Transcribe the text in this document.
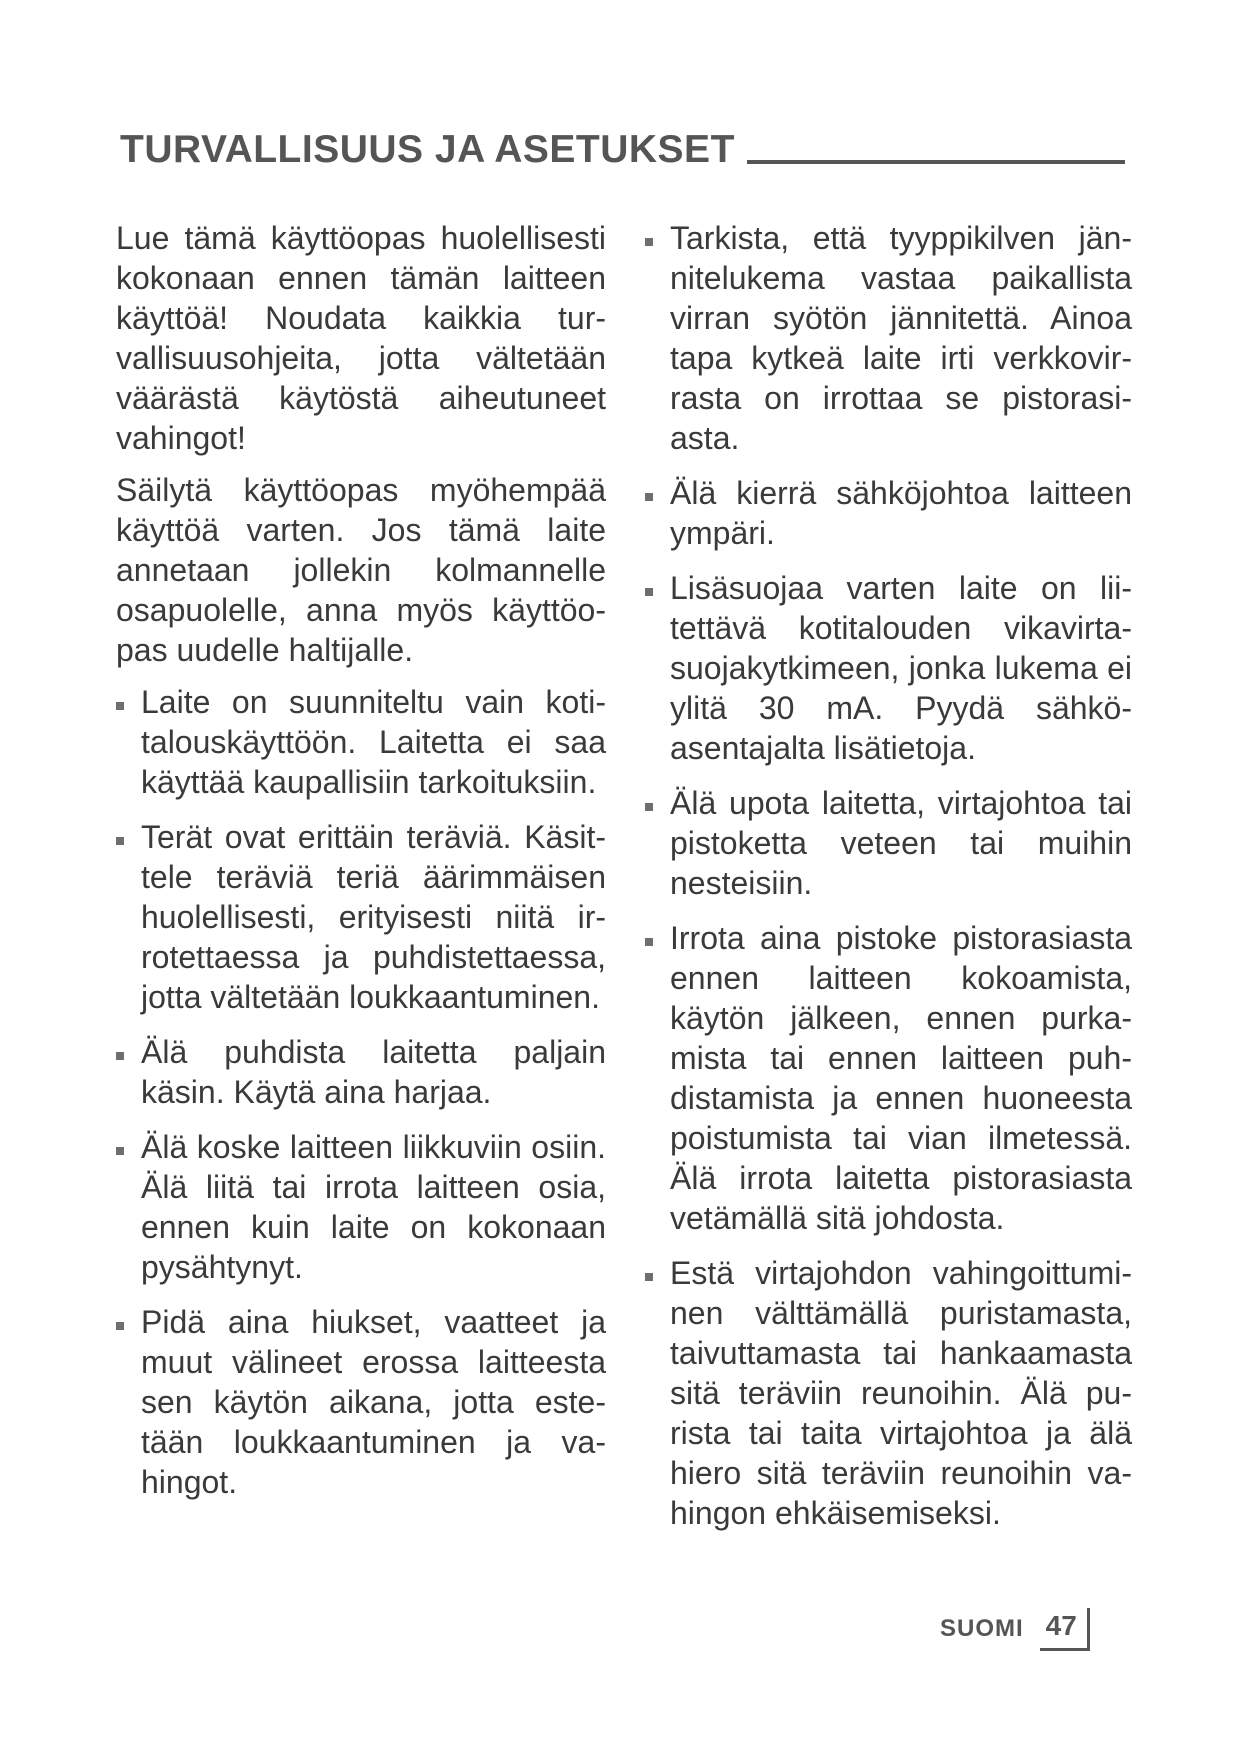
TURVALLISUUS JA ASETUKSET

Lue tämä käyttöopas huolellisesti kokonaan ennen tämän laitteen käyttöä! Noudata kaikkia turvallisuusohjeita, jotta vältetään väärästä käytöstä aiheutuneet vahingot!

Säilytä käyttöopas myöhempää käyttöä varten. Jos tämä laite annetaan jollekin kolmannelle osapuolelle, anna myös käyttöopas uudelle haltijalle.

Laite on suunniteltu vain kotitalouskäyttöön. Laitetta ei saa käyttää kaupallisiin tarkoituksiin.
Terät ovat erittäin teräviä. Käsittele teräviä teriä äärimmäisen huolellisesti, erityisesti niitä irrotettaessa ja puhdistettaessa, jotta vältetään loukkaantuminen.
Älä puhdista laitetta paljain käsin. Käytä aina harjaa.
Älä koske laitteen liikkuviin osiin. Älä liitä tai irrota laitteen osia, ennen kuin laite on kokonaan pysähtynyt.
Pidä aina hiukset, vaatteet ja muut välineet erossa laitteesta sen käytön aikana, jotta estetään loukkaantuminen ja vahingot.
Tarkista, että tyyppikilven jännitelukema vastaa paikallista virran syötön jännitettä. Ainoa tapa kytkeä laite irti verkkovirrasta on irrottaa se pistorasiasta.
Älä kierrä sähköjohtoa laitteen ympäri.
Lisäsuojaa varten laite on liitettävä kotitalouden vikavirtasuojakytkimeen, jonka lukema ei ylitä 30 mA. Pyydä sähköasentajalta lisätietoja.
Älä upota laitetta, virtajohtoa tai pistoketta veteen tai muihin nesteisiin.
Irrota aina pistoke pistorasiasta ennen laitteen kokoamista, käytön jälkeen, ennen purkamista tai ennen laitteen puhdistamista ja ennen huoneesta poistumista tai vian ilmetessä. Älä irrota laitetta pistorasiasta vetämällä sitä johdosta.
Estä virtajohdon vahingoittuminen välttämällä puristamasta, taivuttamasta tai hankaamasta sitä teräviin reunoihin. Älä purista tai taita virtajohtoa ja älä hiero sitä teräviin reunoihin vahingon ehkäisemiseksi.
SUOMI 47
